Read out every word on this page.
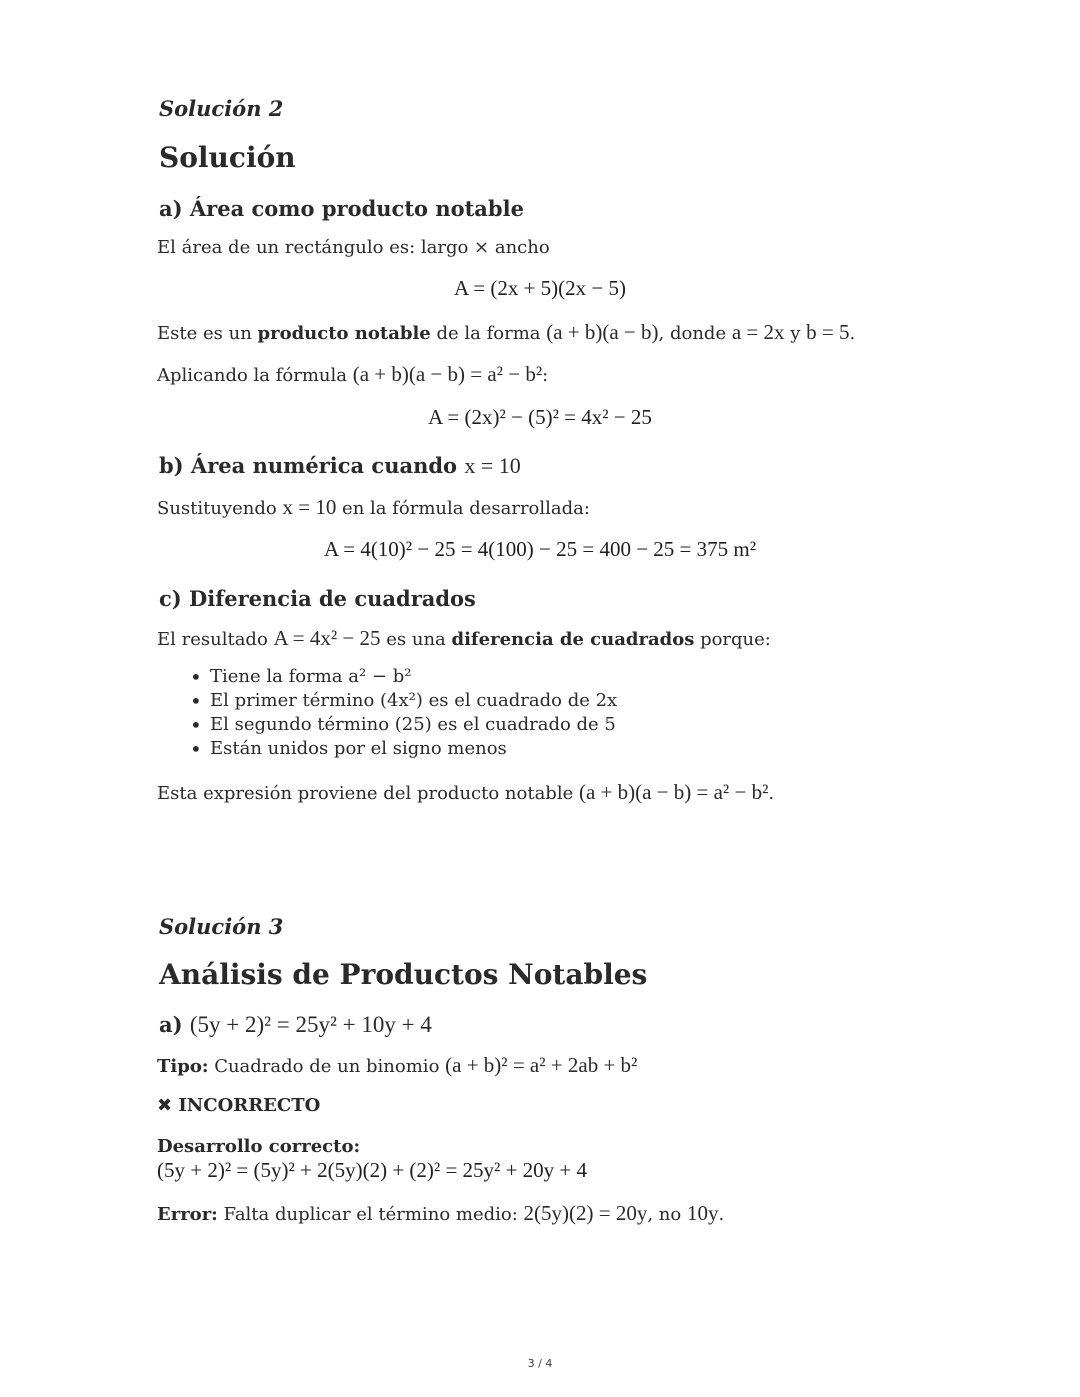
Solución 2
Solución
a) Área como producto notable
El área de un rectángulo es: largo × ancho
A = (2x + 5)(2x − 5)
Este es un producto notable de la forma (a + b)(a − b), donde a = 2x y b = 5.
Aplicando la fórmula (a + b)(a − b) = a² − b²:
A = (2x)² − (5)² = 4x² − 25
b) Área numérica cuando x = 10
Sustituyendo x = 10 en la fórmula desarrollada:
A = 4(10)² − 25 = 4(100) − 25 = 400 − 25 = 375 m²
c) Diferencia de cuadrados
El resultado A = 4x² − 25 es una diferencia de cuadrados porque:
• Tiene la forma a² − b²
• El primer término (4x²) es el cuadrado de 2x
• El segundo término (25) es el cuadrado de 5
• Están unidos por el signo menos
Esta expresión proviene del producto notable (a + b)(a − b) = a² − b².
Solución 3
Análisis de Productos Notables
a) (5y + 2)² = 25y² + 10y + 4
Tipo: Cuadrado de un binomio (a + b)² = a² + 2ab + b²
✖ INCORRECTO
Desarrollo correcto:
(5y + 2)² = (5y)² + 2(5y)(2) + (2)² = 25y² + 20y + 4
Error: Falta duplicar el término medio: 2(5y)(2) = 20y, no 10y.
3 / 4
